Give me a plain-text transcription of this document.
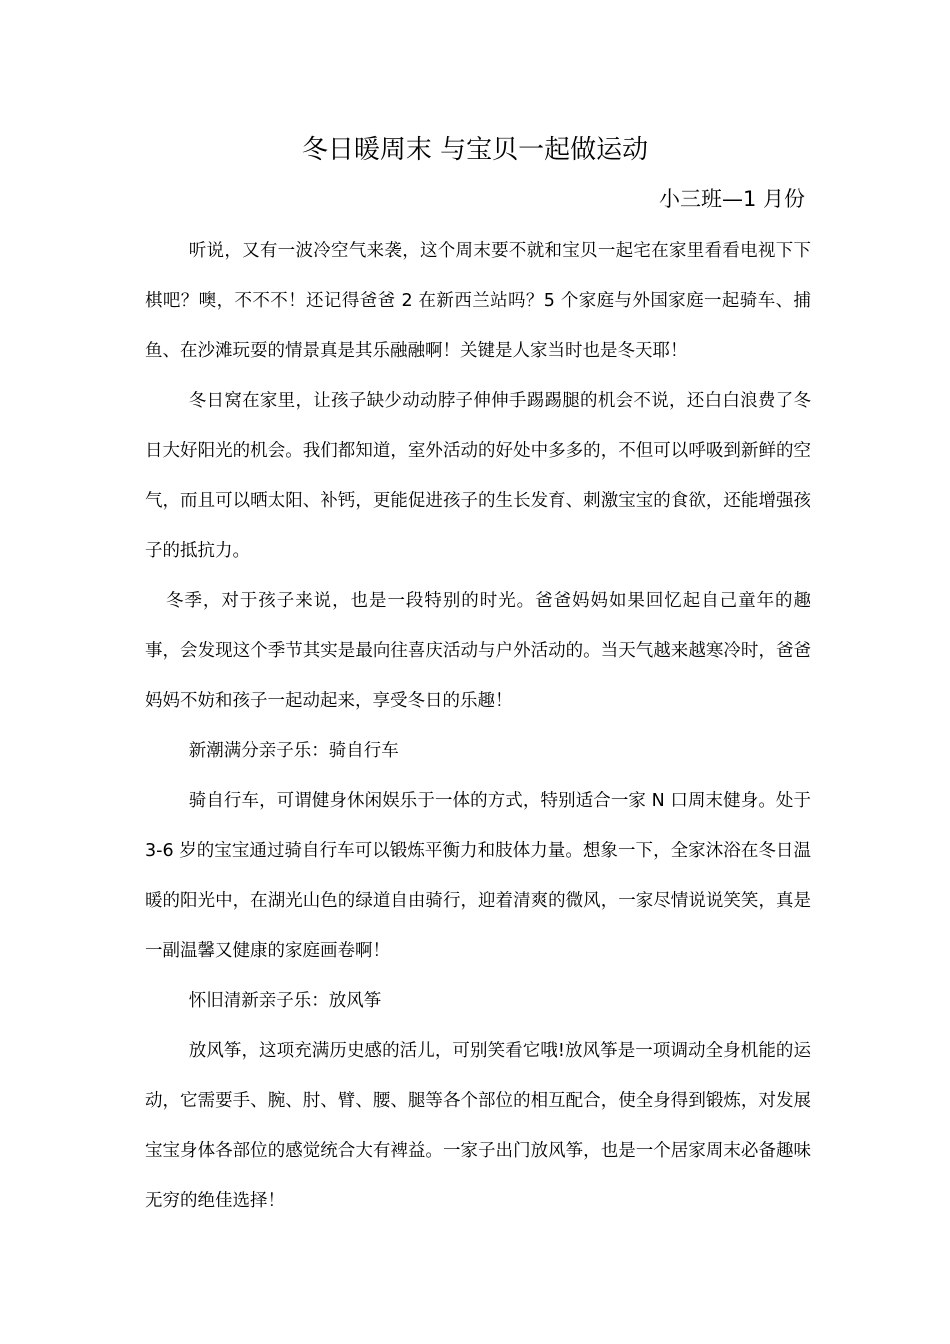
冬日暖周末 与宝贝一起做运动

小三班—1 月份

听说，又有一波冷空气来袭，这个周末要不就和宝贝一起宅在家里看看电视下下棋吧？噢，不不不！还记得爸爸 2 在新西兰站吗？5 个家庭与外国家庭一起骑车、捕鱼、在沙滩玩耍的情景真是其乐融融啊！关键是人家当时也是冬天耶！

冬日窝在家里，让孩子缺少动动脖子伸伸手踢踢腿的机会不说，还白白浪费了冬日大好阳光的机会。我们都知道，室外活动的好处中多多的，不但可以呼吸到新鲜的空气，而且可以晒太阳、补钙，更能促进孩子的生长发育、刺激宝宝的食欲，还能增强孩子的抵抗力。

冬季，对于孩子来说，也是一段特别的时光。爸爸妈妈如果回忆起自己童年的趣事，会发现这个季节其实是最向往喜庆活动与户外活动的。当天气越来越寒冷时，爸爸妈妈不妨和孩子一起动起来，享受冬日的乐趣！

新潮满分亲子乐：骑自行车

骑自行车，可谓健身休闲娱乐于一体的方式，特别适合一家 N 口周末健身。处于 3-6 岁的宝宝通过骑自行车可以锻炼平衡力和肢体力量。想象一下，全家沐浴在冬日温暖的阳光中，在湖光山色的绿道自由骑行，迎着清爽的微风，一家尽情说说笑笑，真是一副温馨又健康的家庭画卷啊！

怀旧清新亲子乐：放风筝

放风筝，这项充满历史感的活儿，可别笑看它哦!放风筝是一项调动全身机能的运动，它需要手、腕、肘、臂、腰、腿等各个部位的相互配合，使全身得到锻炼，对发展宝宝身体各部位的感觉统合大有裨益。一家子出门放风筝，也是一个居家周末必备趣味无穷的绝佳选择！
